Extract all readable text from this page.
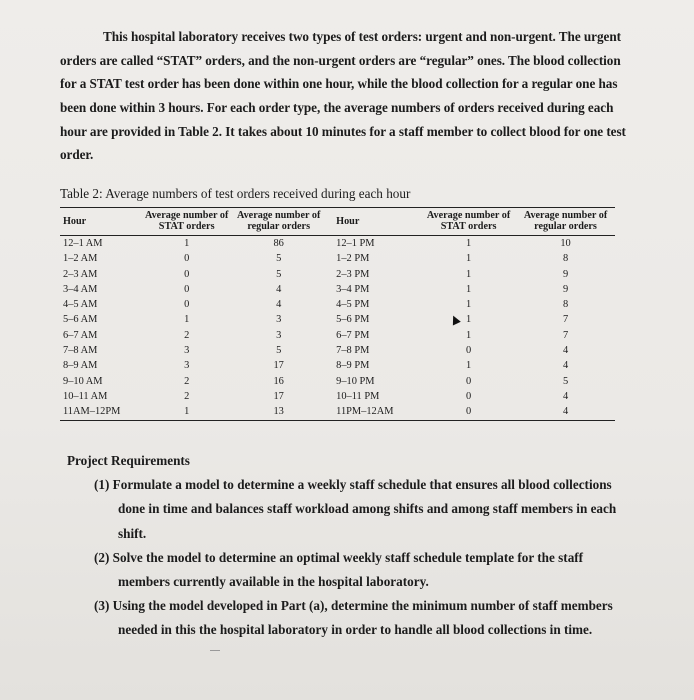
This hospital laboratory receives two types of test orders: urgent and non-urgent. The urgent orders are called “STAT” orders, and the non-urgent orders are “regular” ones. The blood collection for a STAT test order has been done within one hour, while the blood collection for a regular one has been done within 3 hours. For each order type, the average numbers of orders received during each hour are provided in Table 2. It takes about 10 minutes for a staff member to collect blood for one test order.

Table 2: Average numbers of test orders received during each hour
Hour	Average number of STAT orders	Average number of regular orders	Hour	Average number of STAT orders	Average number of regular orders
12–1 AM	1	86	12–1 PM	1	10
1–2 AM	0	5	1–2 PM	1	8
2–3 AM	0	5	2–3 PM	1	9
3–4 AM	0	4	3–4 PM	1	9
4–5 AM	0	4	4–5 PM	1	8
5–6 AM	1	3	5–6 PM	1	7
6–7 AM	2	3	6–7 PM	1	7
7–8 AM	3	5	7–8 PM	0	4
8–9 AM	3	17	8–9 PM	1	4
9–10 AM	2	16	9–10 PM	0	5
10–11 AM	2	17	10–11 PM	0	4
11AM–12PM	1	13	11PM–12AM	0	4
▲
Project Requirements
(1) Formulate a model to determine a weekly staff schedule that ensures all blood collections done in time and balances staff workload among shifts and among staff members in each shift.
(2) Solve the model to determine an optimal weekly staff schedule template for the staff members currently available in the hospital laboratory.
(3) Using the model developed in Part (a), determine the minimum number of staff members needed in this the hospital laboratory in order to handle all blood collections in time.
